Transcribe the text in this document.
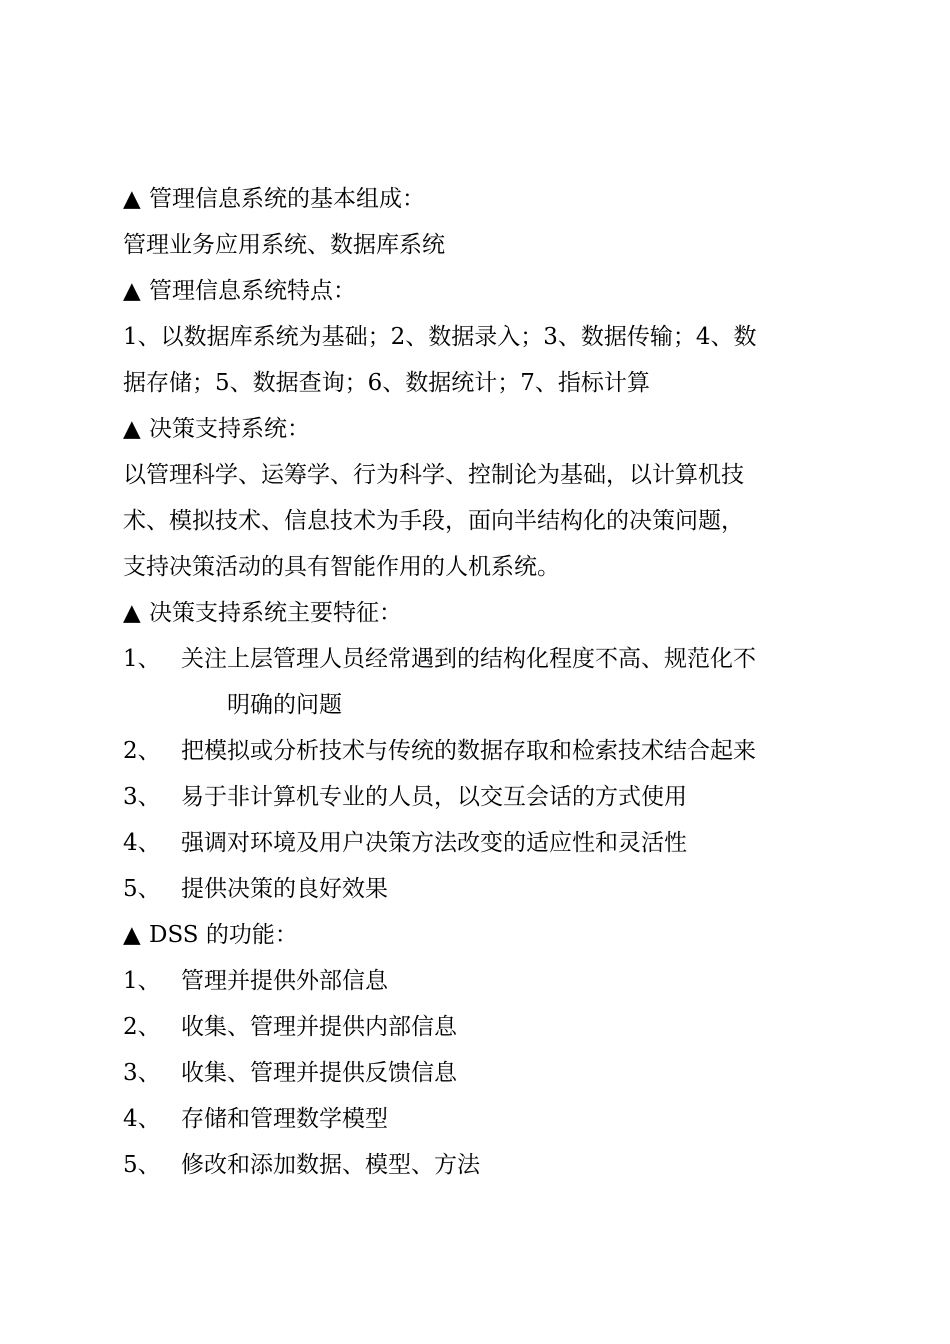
▲ 管理信息系统的基本组成：
管理业务应用系统、数据库系统
▲ 管理信息系统特点：
1、以数据库系统为基础；2、数据录入；3、数据传输；4、数
据存储；5、数据查询；6、数据统计；7、指标计算
▲ 决策支持系统：
以管理科学、运筹学、行为科学、控制论为基础，以计算机技
术、模拟技术、信息技术为手段，面向半结构化的决策问题，
支持决策活动的具有智能作用的人机系统。
▲ 决策支持系统主要特征：
1、 关注上层管理人员经常遇到的结构化程度不高、规范化不
明确的问题
2、 把模拟或分析技术与传统的数据存取和检索技术结合起来
3、 易于非计算机专业的人员，以交互会话的方式使用
4、 强调对环境及用户决策方法改变的适应性和灵活性
5、 提供决策的良好效果
▲ DSS 的功能：
1、 管理并提供外部信息
2、 收集、管理并提供内部信息
3、 收集、管理并提供反馈信息
4、 存储和管理数学模型
5、 修改和添加数据、模型、方法
